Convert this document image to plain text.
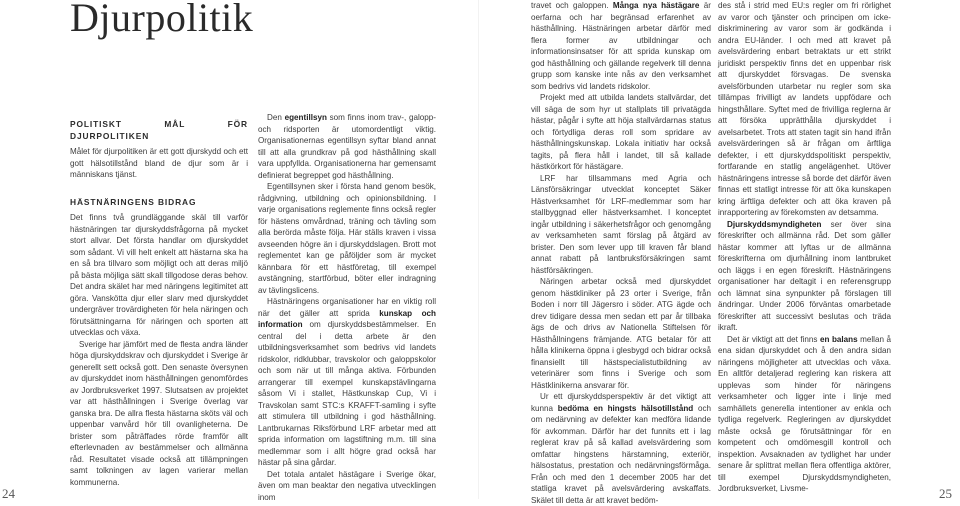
Djurpolitik
POLITISKT MÅL FÖR DJURPOLITIKEN

Målet för djurpolitiken är ett gott djurskydd och ett gott hälsotillstånd bland de djur som är i människans tjänst.

HÄSTNÄRINGENS BIDRAG

Det finns två grundläggande skäl till varför hästnäringen tar djurskyddsfrågorna på mycket stort allvar. Det första handlar om djurskyddet som sådant. Vi vill helt enkelt att hästarna ska ha en så bra tillvaro som möjligt och att deras miljö på bästa möjliga sätt skall tillgodose deras behov. Det andra skälet har med näringens legitimitet att göra. Vanskötta djur eller slarv med djurskyddet undergräver trovärdigheten för hela näringen och förutsättningarna för näringen och sporten att utvecklas och växa.

Sverige har jämfört med de flesta andra länder höga djurskyddskrav och djurskyddet i Sverige är generellt sett också gott. Den senaste översynen av djurskyddet inom hästhållningen genomfördes av Jordbruksverket 1997. Slutsatsen av projektet var att hästhållningen i Sverige överlag var ganska bra. De allra flesta hästarna sköts väl och uppenbar vanvård hör till ovanligheterna. De brister som påträffades rörde framför allt efterlevnaden av bestämmelser och allmänna råd. Resultatet visade också att tillämpningen samt tolkningen av lagen varierar mellan kommunerna.

Den egentillsyn som finns inom trav-, galopp- och ridsporten är utomordentligt viktig. Organisationernas egentillsyn syftar bland annat till att alla grundkrav på god hästhållning skall vara uppfyllda. Organisationerna har gemensamt definierat begreppet god hästhållning.

Egentillsynen sker i första hand genom besök, rådgivning, utbildning och opinionsbildning. I varje organisations reglemente finns också regler för hästens omvårdnad, träning och tävling som alla berörda måste följa. Här ställs kraven i vissa avseenden högre än i djurskyddslagen. Brott mot reglementet kan ge påföljder som är mycket kännbara för ett hästföretag, till exempel avstängning, startförbud, böter eller indragning av tävlingslicens.

Hästnäringens organisationer har en viktig roll när det gäller att sprida kunskap och information om djurskyddsbestämmelser. En central del i detta arbete är den utbildningsverksamhet som bedrivs vid landets ridskolor, ridklubbar, travskolor och galoppskolor och som när ut till många aktiva. Förbunden arrangerar till exempel kunskapstävlingarna såsom Vi i stallet, Hästkunskap Cup, Vi i Travskolan samt STC:s KRAFFT-samling i syfte att stimulera till utbildning i god hästhållning. Lantbrukarnas Riksförbund LRF arbetar med att sprida information om lagstiftning m.m. till sina medlemmar som i allt högre grad också har hästar på sina gårdar.

Det totala antalet hästägare i Sverige ökar, även om man beaktar den negativa utvecklingen inom

travet och galoppen. Många nya hästägare är oerfarna och har begränsad erfarenhet av hästhållning. Hästnäringen arbetar därför med flera former av utbildningar och informationsinsatser för att sprida kunskap om god hästhållning och gällande regelverk till denna grupp som kanske inte nås av den verksamhet som bedrivs vid landets ridskolor.

Projekt med att utbilda landets stallvärdar, det vill säga de som hyr ut stallplats till privatägda hästar, pågår i syfte att höja stallvärdarnas status och förtydliga deras roll som spridare av hästhållningskunskap. Lokala initiativ har också tagits, på flera håll i landet, till så kallade hästkörkort för hästägare.

LRF har tillsammans med Agria och Länsförsäkringar utvecklat konceptet Säker Hästverksamhet för LRF-medlemmar som har stallbyggnad eller hästverksamhet. I konceptet ingår utbildning i säkerhetsfrågor och genomgång av verksamheten samt förslag på åtgärd av brister. Den som lever upp till kraven får bland annat rabatt på lantbruksförsäkringen samt hästförsäkringen.

Näringen arbetar också med djurskyddet genom hästkliniker på 23 orter i Sverige, från Boden i norr till Jägersro i söder. ATG ägde och drev tidigare dessa men sedan ett par år tillbaka ägs de och drivs av Nationella Stiftelsen för Hästhållningens främjande. ATG betalar för att hålla klinikerna öppna i glesbygd och bidrar också finansiellt till hästspecialistutbildning av veterinärer som finns i Sverige och som Hästklinikerna ansvarar för.

Ur ett djurskyddsperspektiv är det viktigt att kunna bedöma en hingsts hälsotillstånd och om nedärvning av defekter kan medföra lidande för avkomman. Därför har det funnits ett i lag reglerat krav på så kallad avelsvärdering som omfattar hingstens härstamning, exteriör, hälsostatus, prestation och nedärvningsförmåga. Från och med den 1 december 2005 har det statliga kravet på avelsvärdering avskaffats. Skälet till detta är att kravet bedöm-

des stå i strid med EU:s regler om fri rörlighet av varor och tjänster och principen om icke-diskriminering av varor som är godkända i andra EU-länder. I och med att kravet på avelsvärdering enbart betraktats ur ett strikt juridiskt perspektiv finns det en uppenbar risk att djurskyddet försvagas. De svenska avelsförbunden utarbetar nu regler som ska tillämpas frivilligt av landets uppfödare och hingsthållare. Syftet med de frivilliga reglerna är att försöka upprätthålla djurskyddet i avelsarbetet. Trots att staten tagit sin hand ifrån avelsvärderingen så är frågan om ärftliga defekter, i ett djurskyddspolitiskt perspektiv, fortfarande en statlig angelägenhet. Utöver hästnäringens intresse så borde det därför även finnas ett statligt intresse för att öka kunskapen kring ärftliga defekter och att öka kraven på inrapportering av förekomsten av detsamma.

Djurskyddsmyndigheten ser över sina föreskrifter och allmänna råd. Det som gäller hästar kommer att lyftas ur de allmänna föreskrifterna om djurhållning inom lantbruket och läggs i en egen föreskrift. Hästnäringens organisationer har deltagit i en referensgrupp och lämnat sina synpunkter på förslagen till ändringar. Under 2006 förväntas omarbetade föreskrifter att successivt beslutas och träda ikraft.

Det är viktigt att det finns en balans mellan å ena sidan djurskyddet och å den andra sidan näringens möjligheter att utvecklas och växa. En alltför detaljerad reglering kan riskera att upplevas som hinder för näringens verksamheter och ligger inte i linje med samhällets generella intentioner av enkla och tydliga regelverk. Regleringen av djurskyddet måste också ge förutsättningar för en kompetent och omdömesgill kontroll och inspektion. Avsaknaden av tydlighet har under senare år splittrat mellan flera offentliga aktörer, till exempel Djurskyddsmyndigheten, Jordbruksverket, Livsme-

24	25
